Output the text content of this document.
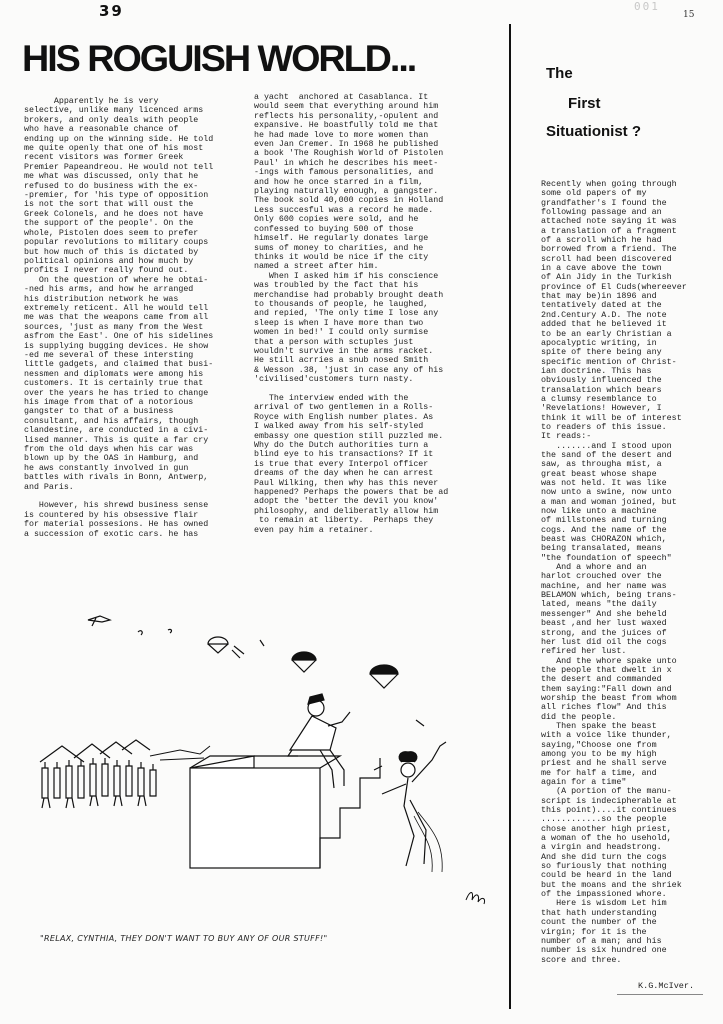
39	001
15
HIS ROGUISH WORLD...

Apparently he is very

selective, unlike many licenced arms

brokers, and only deals with people

who have a reasonable chance of

ending up on the winning side. He told

me quite openly that one of his most

recent visitors was former Greek

Premier Papeandreou. He would not tell

me what was discussed, only that he

refused to do business with the ex-

-premier, for 'his type of opposition

is not the sort that will oust the

Greek Colonels, and he does not have

the support of the people'. On the

whole, Pistolen does seem to prefer

popular revolutions to military coups

but how much of this is dictated by

political opinions and how much by

profits I never really found out.

On the question of where he obtai-

-ned his arms, and how he arranged

his distribution network he was

extremely reticent. All he would tell

me was that the weapons came from all

sources, 'just as many from the West

asfrom the East'. One of his sidelines

is supplying bugging devices. He show

-ed me several of these intersting

little gadgets, and claimed that busi-

nessmen and diplomats were among his

customers. It is certainly true that

over the years he has tried to change

his image from that of a notorious

gangster to that of a business

consultant, and his affairs, though

clandestine, are conducted in a civi-

lised manner. This is quite a far cry

from the old days when his car was

blown up by the OAS in Hamburg, and

he aws constantly involved in gun

battles with rivals in Bonn, Antwerp,

and Paris.

However, his shrewd business sense

is countered by his obsessive flair

for material possesions. He has owned

a succession of exotic cars. he has

a yacht  anchored at Casablanca. It

would seem that everything around him

reflects his personality,-opulent and

expansive. He boastfully told me that

he had made love to more women than

even Jan Cremer. In 1968 he published

a book 'The Roughish World of Pistolen

Paul' in which he describes his meet-

-ings with famous personalities, and

and how he once starred in a film,

playing naturally enough, a gangster.

The book sold 40,000 copies in Holland

Less succesful was a record he made.

Only 600 copies were sold, and he

confessed to buying 500 of those

himself. He regularly donates large

sums of money to charities, and he

thinks it would be nice if the city

named a street after him.

When I asked him if his conscience

was troubled by the fact that his

merchandise had probably brought death

to thousands of people, he laughed,

and repied, 'The only time I lose any

sleep is when I have more than two

women in bed!' I could only surmise

that a person with sctuples just

wouldn't survive in the arms racket.

He still acrries a snub nosed Smith

& Wesson .38, 'just in case any of his

'civilised'customers turn nasty.

The interview ended with the

arrival of two gentlemen in a Rolls-

Royce with English number plates. As

I walked away from his self-styled

embassy one question still puzzled me.

Why do the Dutch authorities turn a

blind eye to his transactions? If it

is true that every Interpol officer

dreams of the day when he can arrest

Paul Wilking, then why has this never

happened? Perhaps the powers that be ad

adopt the 'better the devil you know'

philosophy, and deliberatly allow him

to remain at liberty.  Perhaps they

even pay him a retainer.

The
First
Situationist ?

Recently when going through

some old papers of my

grandfather's I found the

following passage and an

attached note saying it was

a translation of a fragment

of a scroll which he had

borrowed from a friend. The

scroll had been discovered

in a cave above the town

of Ain Jidy in the Turkish

province of El Cuds(whereever

that may be)in 1896 and

tentatively dated at the

2nd.Century A.D. The note

added that he believed it

to be an early Christian a

apocalyptic writing, in

spite of there being any

specific mention of Christ-

ian doctrine. This has

obviously influenced the

transalation which bears

a clumsy resemblance to

'Revelations! However, I

think it will be of interest

to readers of this issue.

It reads:-

.......and I stood upon

the sand of the desert and

saw, as througha mist, a

great beast whose shape

was not held. It was like

now unto a swine, now unto

a man and woman joined, but

now like unto a machine

of millstones and turning

cogs. And the name of the

beast was CHORAZON which,

being transalated, means

"the foundation of speech"

And a whore and an

harlot crouched over the

machine, and her name was

BELAMON which, being trans-

lated, means "the daily

messenger" And she beheld

beast ,and her lust waxed

strong, and the juices of

her lust did oil the cogs

refired her lust.

And the whore spake unto

the people that dwelt in x

the desert and commanded

them saying:"Fall down and

worship the beast from whom

all riches flow" And this

did the people.

Then spake the beast

with a voice like thunder,

saying,"Choose one from

among you to be my high

priest and he shall serve

me for half a time, and

again for a time"

(A portion of the manu-

script is indecipherable at

this point)....it continues

............so the people

chose another high priest,

a woman of the ho usehold,

a virgin and headstrong.

And she did turn the cogs

so furiously that nothing

could be heard in the land

but the moans and the shriek

of the impassioned whore.

Here is wisdom Let him

that hath understanding

count the number of the

virgin; for it is the

number of a man; and his

number is six hundred one

score and three.

K.G.McIver.
"RELAX, CYNTHIA, THEY DON'T WANT TO BUY ANY OF OUR STUFF!"
